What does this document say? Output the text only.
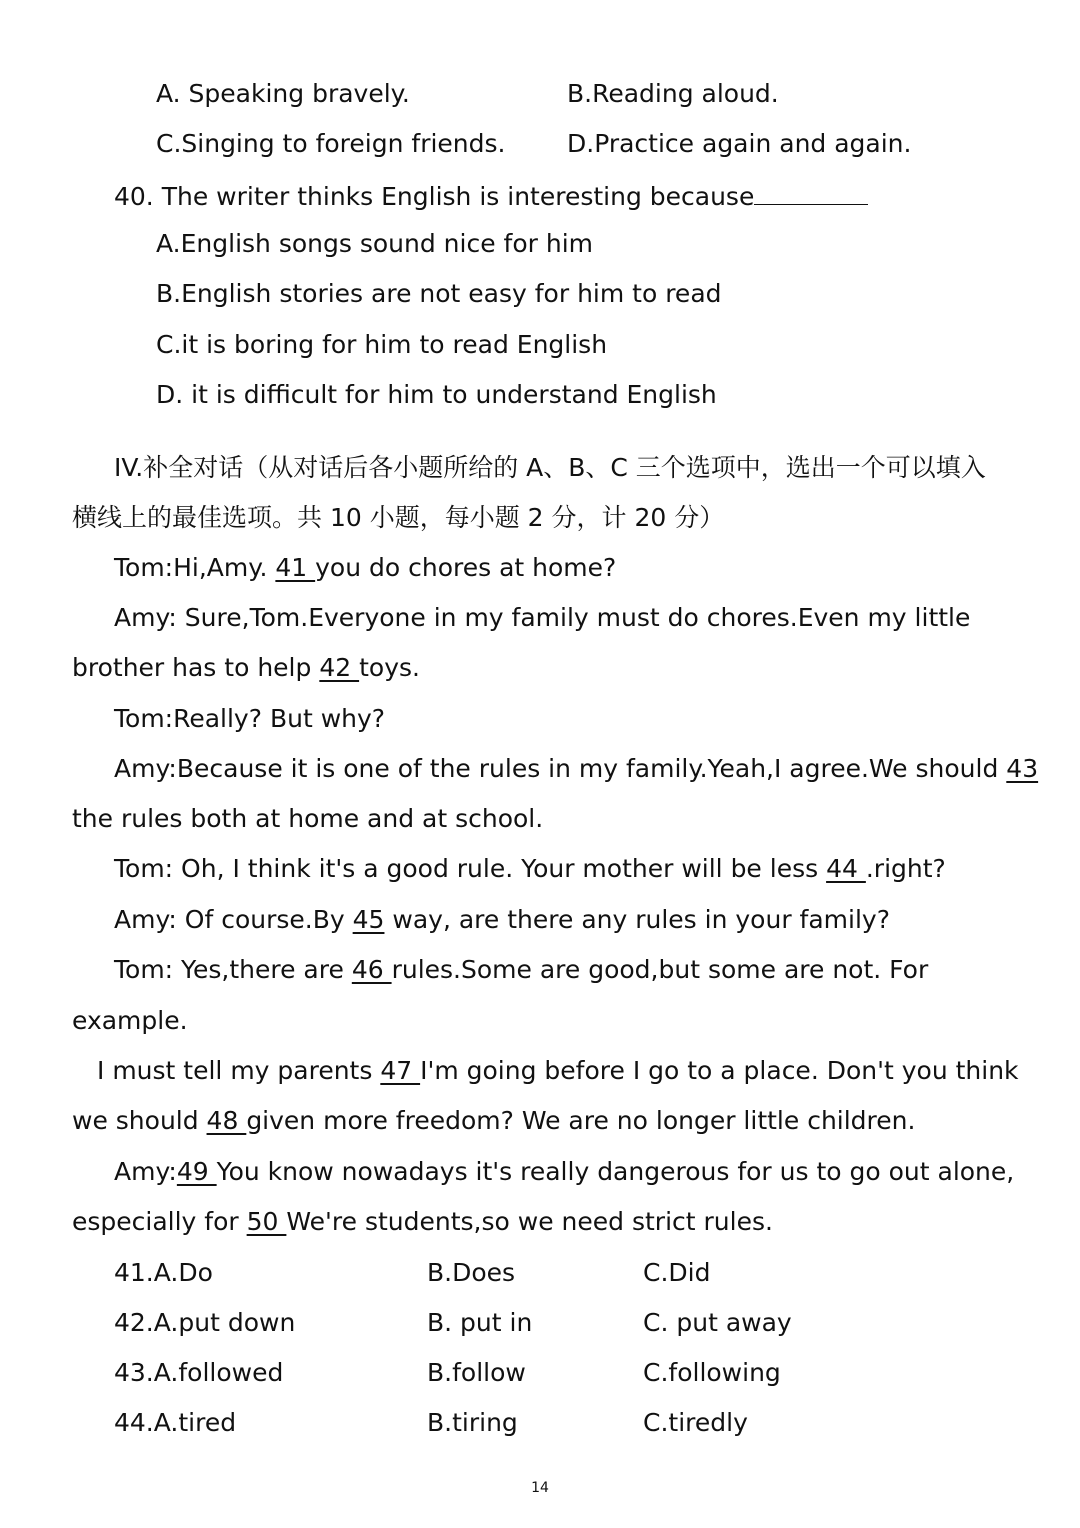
A. Speaking bravely.	B.Reading aloud.
C.Singing to foreign friends. D.Practice again and again.
40. The writer thinks English is interesting because
A.English songs sound nice for him
B.English stories are not easy for him to read
C.it is boring for him to read English
D. it is difficult for him to understand English
IV.补全对话（从对话后各小题所给的 A、B、C 三个选项中，选出一个可以填入
横线上的最佳选项。共 10 小题，每小题 2 分，计 20 分）
Tom:Hi,Amy. 41 you do chores at home?
Amy: Sure,Tom.Everyone in my family must do chores.Even my little
brother has to help 42 toys.
Tom:Really? But why?
Amy:Because it is one of the rules in my family.Yeah,I agree.We should 43
the rules both at home and at school.
Tom: Oh, I think it's a good rule. Your mother will be less 44 .right?
Amy: Of course.By 45 way, are there any rules in your family?
Tom: Yes,there are 46 rules.Some are good,but some are not. For
example.
I must tell my parents 47 I'm going before I go to a place. Don't you think
we should 48 given more freedom? We are no longer little children.
Amy:49 You know nowadays it's really dangerous for us to go out alone,
especially for 50 We're students,so we need strict rules.
41.A.Do	B.Does	C.Did
42.A.put down	B. put in	C. put away
43.A.followed	B.follow	C.following
44.A.tired	B.tiring	C.tiredly
14
